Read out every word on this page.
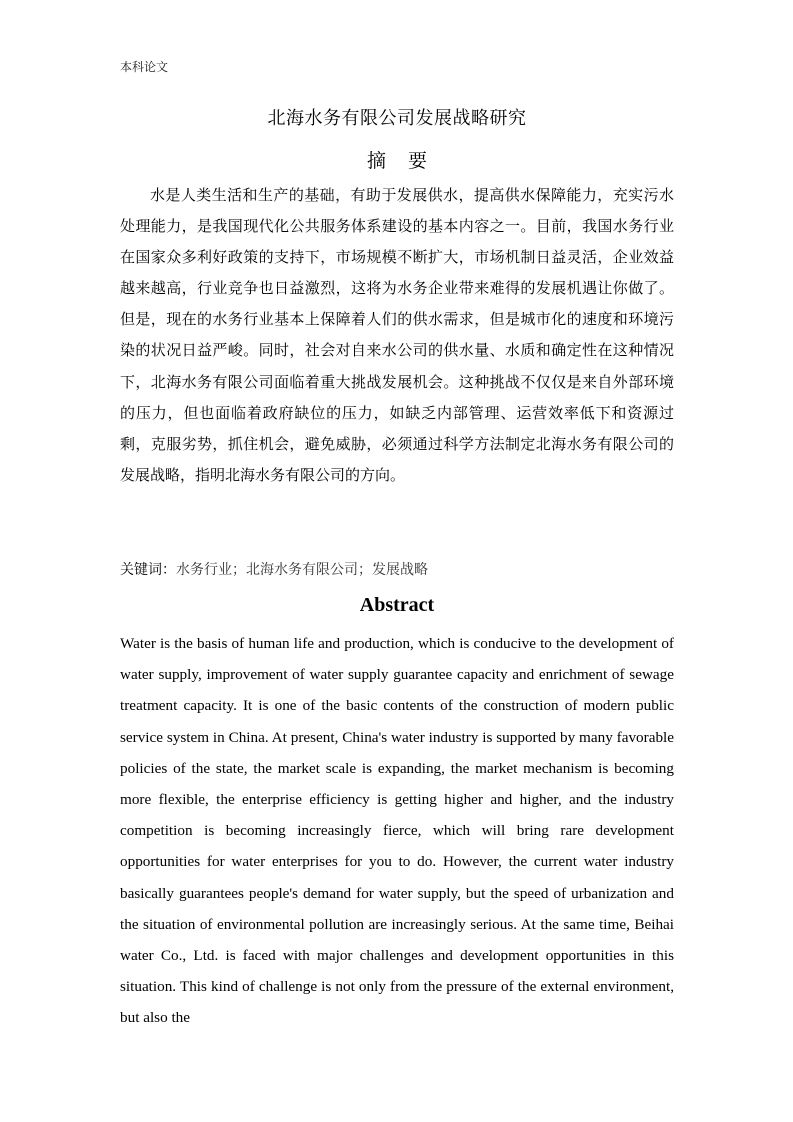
本科论文
北海水务有限公司发展战略研究
摘 要

水是人类生活和生产的基础，有助于发展供水，提高供水保障能力，充实污水处理能力，是我国现代化公共服务体系建设的基本内容之一。目前，我国水务行业在国家众多利好政策的支持下，市场规模不断扩大，市场机制日益灵活，企业效益越来越高，行业竞争也日益激烈，这将为水务企业带来难得的发展机遇让你做了。但是，现在的水务行业基本上保障着人们的供水需求，但是城市化的速度和环境污染的状况日益严峻。同时，社会对自来水公司的供水量、水质和确定性在这种情况下，北海水务有限公司面临着重大挑战发展机会。这种挑战不仅仅是来自外部环境的压力，但也面临着政府缺位的压力，如缺乏内部管理、运营效率低下和资源过剩，克服劣势，抓住机会，避免威胁，必须通过科学方法制定北海水务有限公司的发展战略，指明北海水务有限公司的方向。

关键词：水务行业；北海水务有限公司；发展战略
Abstract

Water is the basis of human life and production, which is conducive to the development of water supply, improvement of water supply guarantee capacity and enrichment of sewage treatment capacity. It is one of the basic contents of the construction of modern public service system in China. At present, China's water industry is supported by many favorable policies of the state, the market scale is expanding, the market mechanism is becoming more flexible, the enterprise efficiency is getting higher and higher, and the industry competition is becoming increasingly fierce, which will bring rare development opportunities for water enterprises for you to do. However, the current water industry basically guarantees people's demand for water supply, but the speed of urbanization and the situation of environmental pollution are increasingly serious. At the same time, Beihai water Co., Ltd. is faced with major challenges and development opportunities in this situation. This kind of challenge is not only from the pressure of the external environment, but also the
